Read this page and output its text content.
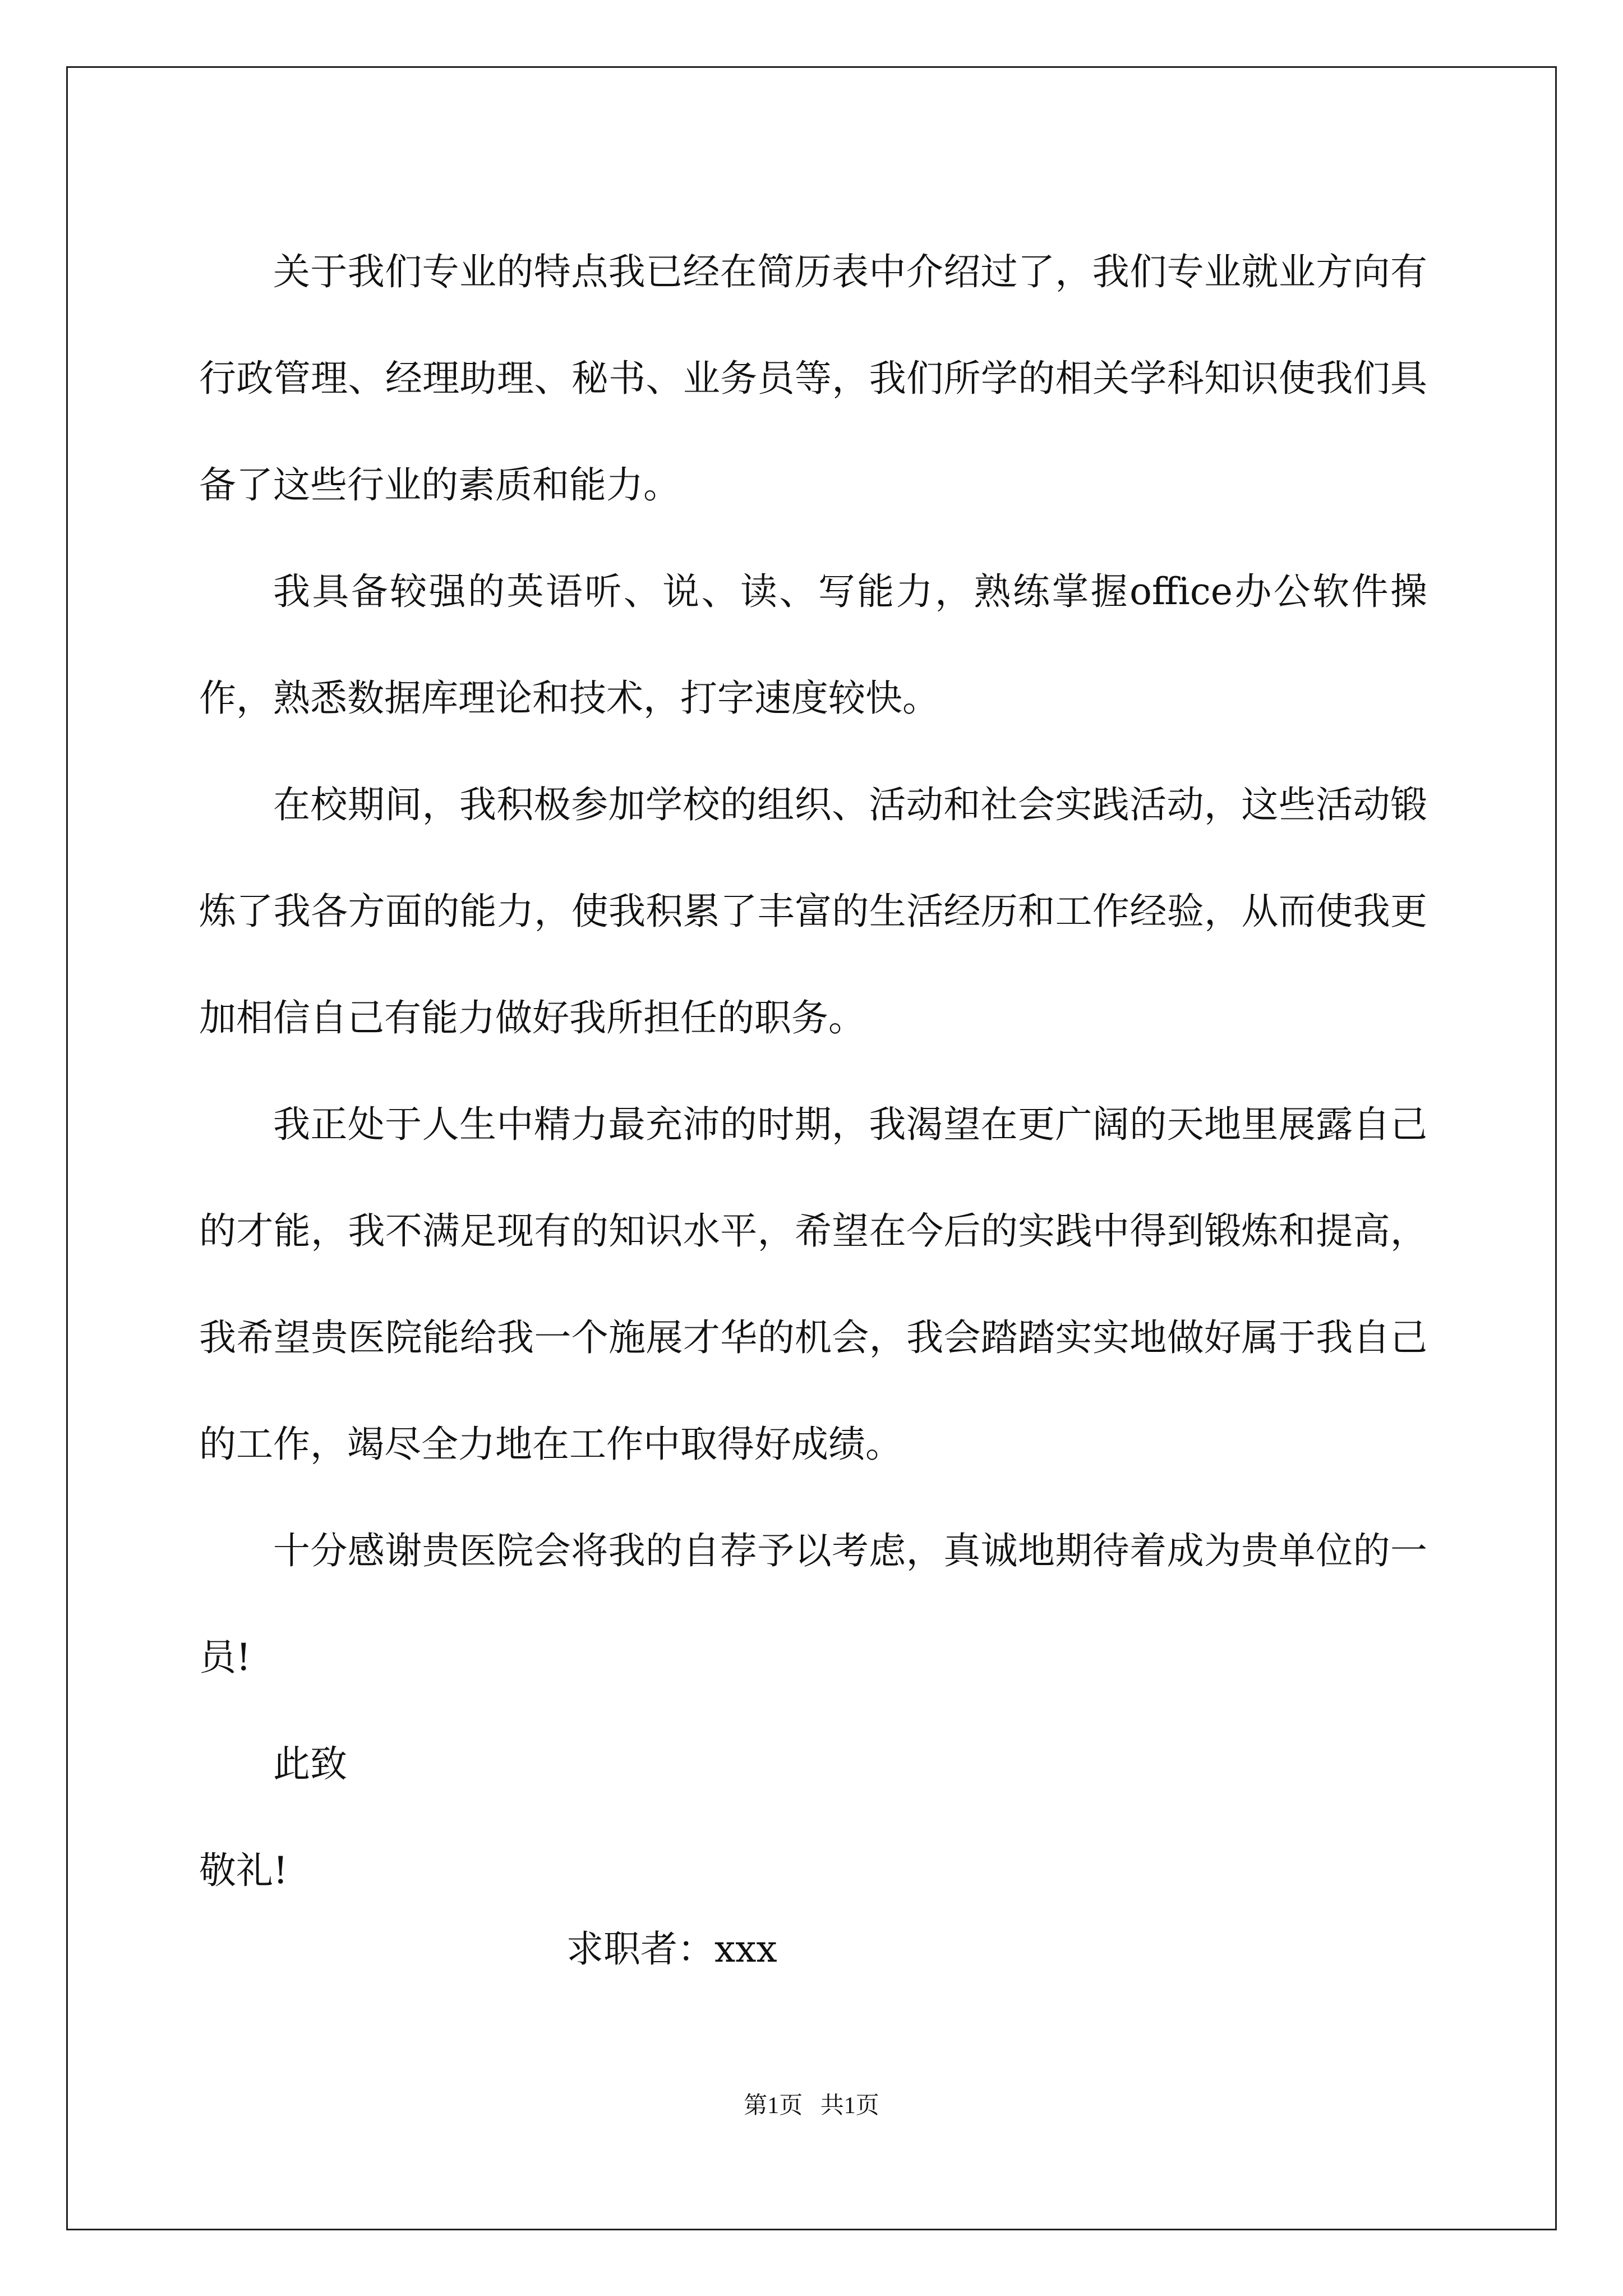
关于我们专业的特点我已经在简历表中介绍过了，我们专业就业方向有行政管理、经理助理、秘书、业务员等，我们所学的相关学科知识使我们具备了这些行业的素质和能力。

我具备较强的英语听、说、读、写能力，熟练掌握office办公软件操作，熟悉数据库理论和技术，打字速度较快。

在校期间，我积极参加学校的组织、活动和社会实践活动，这些活动锻炼了我各方面的能力，使我积累了丰富的生活经历和工作经验，从而使我更加相信自己有能力做好我所担任的职务。

我正处于人生中精力最充沛的时期，我渴望在更广阔的天地里展露自己的才能，我不满足现有的知识水平，希望在今后的实践中得到锻炼和提高，我希望贵医院能给我一个施展才华的机会，我会踏踏实实地做好属于我自己的工作，竭尽全力地在工作中取得好成绩。

十分感谢贵医院会将我的自荐予以考虑，真诚地期待着成为贵单位的一员!

此致

敬礼!

求职者：xxx
第1页   共1页
